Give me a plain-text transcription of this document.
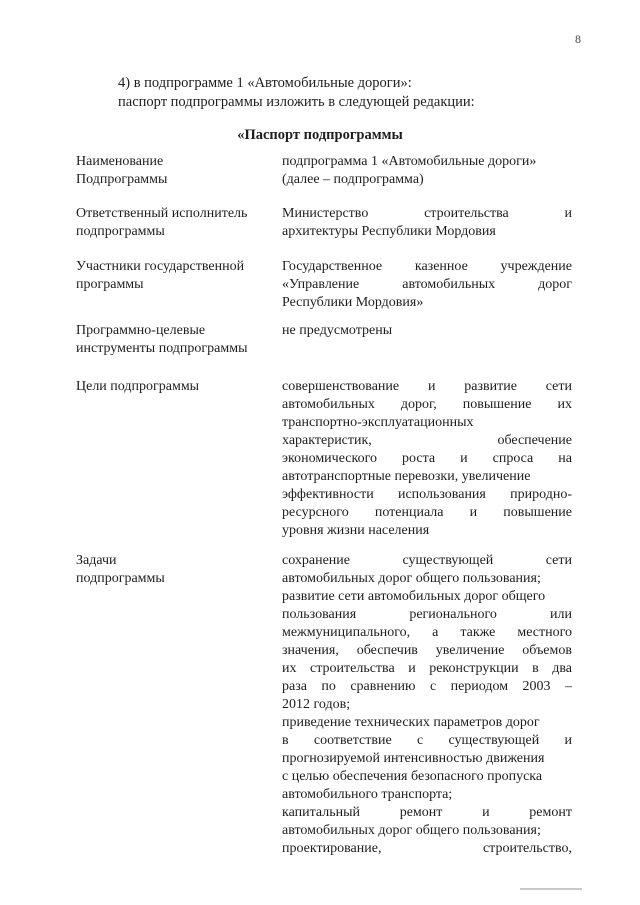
8
4) в подпрограмме 1 «Автомобильные дороги»:
паспорт подпрограммы изложить в следующей редакции:
«Паспорт подпрограммы
Наименование
Подпрограммы
подпрограмма 1 «Автомобильные дороги»
(далее – подпрограмма)
Ответственный исполнитель
подпрограммы
Министерство строительства и
архитектуры Республики Мордовия
Участники государственной
программы
Государственное казенное учреждение
«Управление автомобильных дорог
Республики Мордовия»
Программно-целевые
инструменты подпрограммы
не предусмотрены
Цели подпрограммы	совершенствование и развитие сети
автомобильных дорог, повышение их
транспортно-эксплуатационных
характеристик, обеспечение
экономического роста и спроса на
автотранспортные перевозки, увеличение
эффективности использования природно-
ресурсного потенциала и повышение
уровня жизни населения
Задачи
подпрограммы
сохранение существующей сети
автомобильных дорог общего пользования;
развитие сети автомобильных дорог общего
пользования регионального или
межмуниципального, а также местного
значения, обеспечив увеличение объемов
их строительства и реконструкции в два
раза по сравнению с периодом 2003 –
2012 годов;
приведение технических параметров дорог
в соответствие с существующей и
прогнозируемой интенсивностью движения
с целью обеспечения безопасного пропуска
автомобильного транспорта;
капитальный ремонт и ремонт
автомобильных дорог общего пользования;
проектирование, строительство,
